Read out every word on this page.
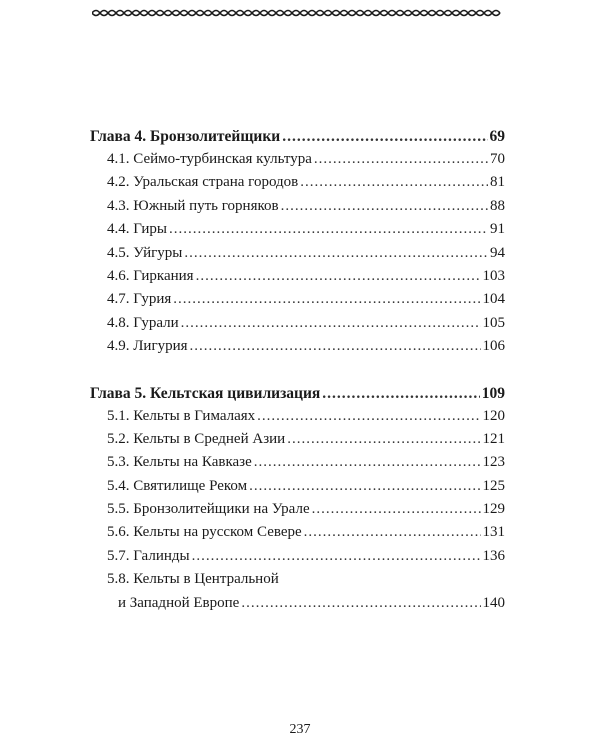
Глава 4. Бронзолитейщики .....	69
4.1. Сеймо-турбинская культура .....	70
4.2. Уральская страна городов .....	81
4.3. Южный путь горняков .....	88
4.4. Гиры .....	91
4.5. Уйгуры .....	94
4.6. Гиркания .....	103
4.7. Гурия .....	104
4.8. Гурали .....	105
4.9. Лигурия .....	106
Глава 5. Кельтская цивилизация .....	109
5.1. Кельты в Гималаях .....	120
5.2. Кельты в Средней Азии .....	121
5.3. Кельты на Кавказе .....	123
5.4. Святилище Реком .....	125
5.5. Бронзолитейщики на Урале .....	129
5.6. Кельты на русском Севере .....	131
5.7. Галинды .....	136
5.8. Кельты в Центральной
и Западной Европе .....	140
237
